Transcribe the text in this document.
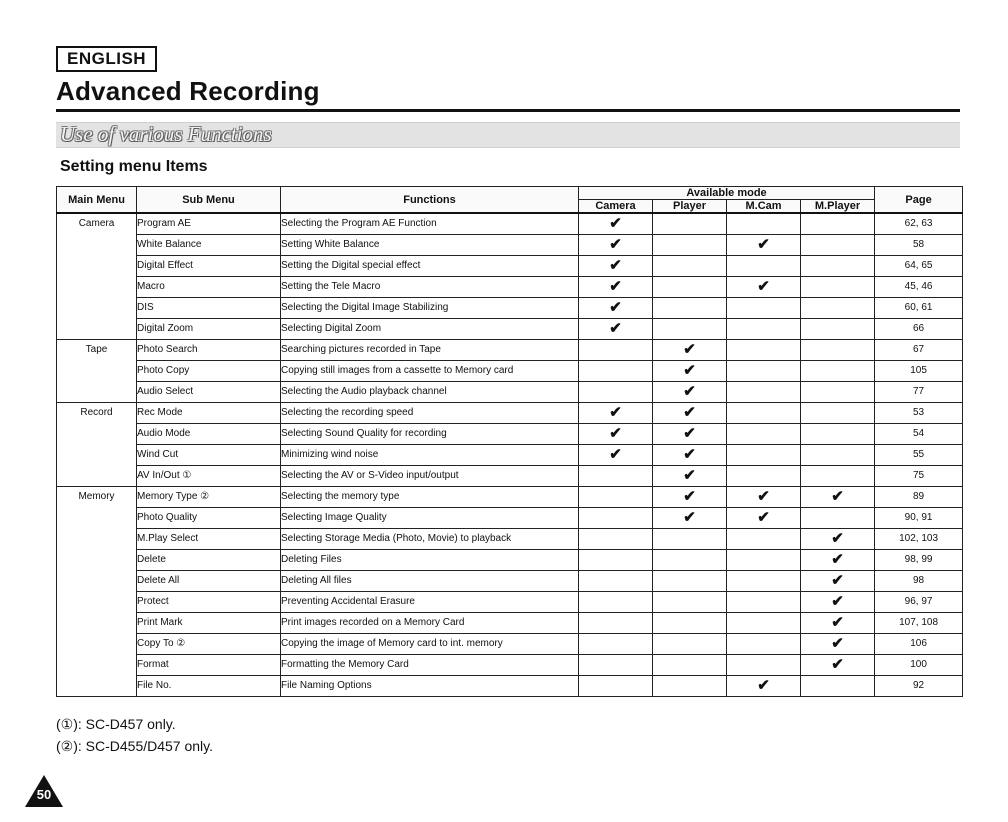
ENGLISH
Advanced Recording
Use of various Functions
Setting menu Items
Main Menu	Sub Menu	Functions	Available mode				Page
			Camera	Player	M.Cam	M.Player	
Camera	Program AE	Selecting the Program AE Function	✔				62, 63
	White Balance	Setting White Balance	✔		✔		58
	Digital Effect	Setting the Digital special effect	✔				64, 65
	Macro	Setting the Tele Macro	✔		✔		45, 46
	DIS	Selecting the Digital Image Stabilizing	✔				60, 61
	Digital Zoom	Selecting Digital Zoom	✔				66
Tape	Photo Search	Searching pictures recorded in Tape		✔			67
	Photo Copy	Copying still images from a cassette to Memory card		✔			105
	Audio Select	Selecting the Audio playback channel		✔			77
Record	Rec Mode	Selecting the recording speed	✔	✔			53
	Audio Mode	Selecting Sound Quality for recording	✔	✔			54
	Wind Cut	Minimizing wind noise	✔	✔			55
	AV In/Out ①	Selecting the AV or S-Video input/output		✔			75
Memory	Memory Type ②	Selecting the memory type		✔	✔	✔	89
	Photo Quality	Selecting Image Quality		✔	✔		90, 91
	M.Play Select	Selecting Storage Media (Photo, Movie) to playback				✔	102, 103
	Delete	Deleting Files				✔	98, 99
	Delete All	Deleting All files				✔	98
	Protect	Preventing Accidental Erasure				✔	96, 97
	Print Mark	Print images recorded on a Memory Card				✔	107, 108
	Copy To ②	Copying the image of Memory card to int. memory				✔	106
	Format	Formatting the Memory Card				✔	100
	File No.	File Naming Options			✔		92
(①): SC-D457 only.
(②): SC-D455/D457 only.
50
